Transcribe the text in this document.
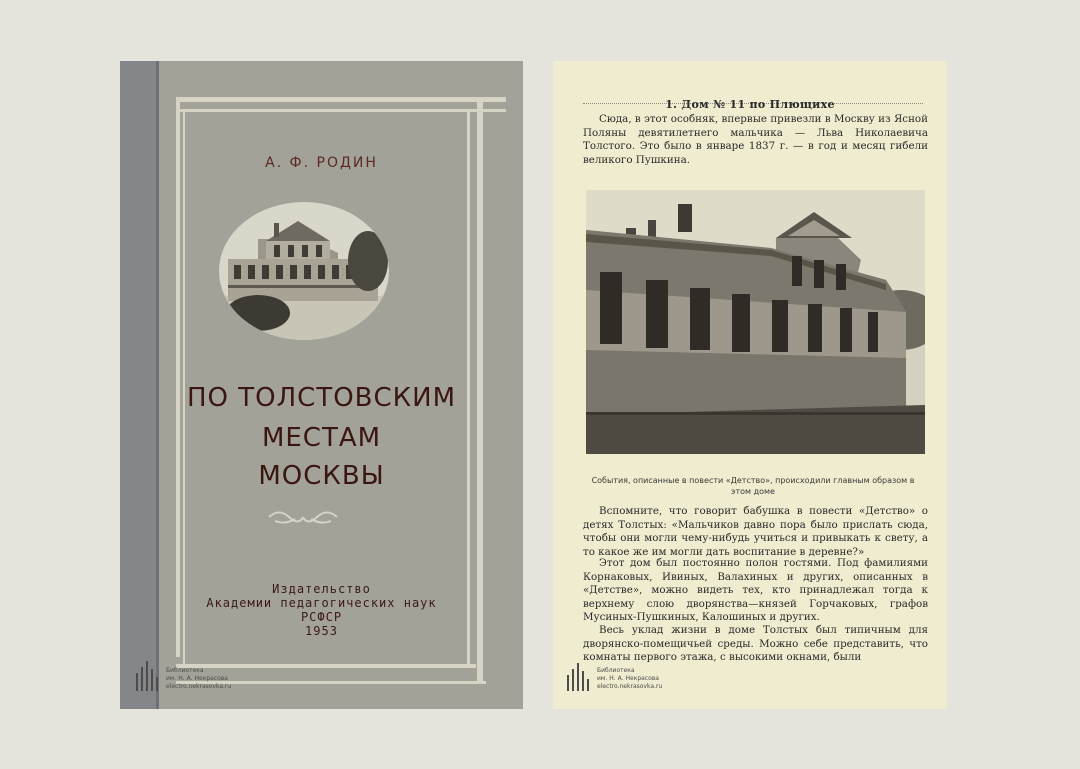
А. Ф. РОДИН
ПО ТОЛСТОВСКИМ
МЕСТАМ
МОСКВЫ
Издательство
Академии педагогических наук
РСФСР
1953
Библиотека
им. Н. А. Некрасова
electro.nekrasovka.ru
1. Дом № 11 по Плющихе
Сюда, в этот особняк, впервые привезли в Москву из Ясной Поляны девятилетнего мальчика — Льва Николаевича Толстого. Это было в январе 1837 г. — в год и месяц гибели великого Пушкина.
События, описанные в повести «Детство», происходили главным образом в этом доме
Вспомните, что говорит бабушка в повести «Детство» о детях Толстых: «Мальчиков давно пора было прислать сюда, чтобы они могли чему-нибудь учиться и привыкать к свету, а то какое же им могли дать воспитание в деревне?»
Этот дом был постоянно полон гостями. Под фамилиями Корнаковых, Ивиных, Валахиных и других, описанных в «Детстве», можно видеть тех, кто принадлежал тогда к верхнему слою дворянства—князей Горчаковых, графов Мусиных-Пушкиных, Калошиных и других.
Весь уклад жизни в доме Толстых был типичным для дворянско-помещичьей среды. Можно себе представить, что комнаты первого этажа, с высокими окнами, были
Библиотека
им. Н. А. Некрасова
electro.nekrasovka.ru
